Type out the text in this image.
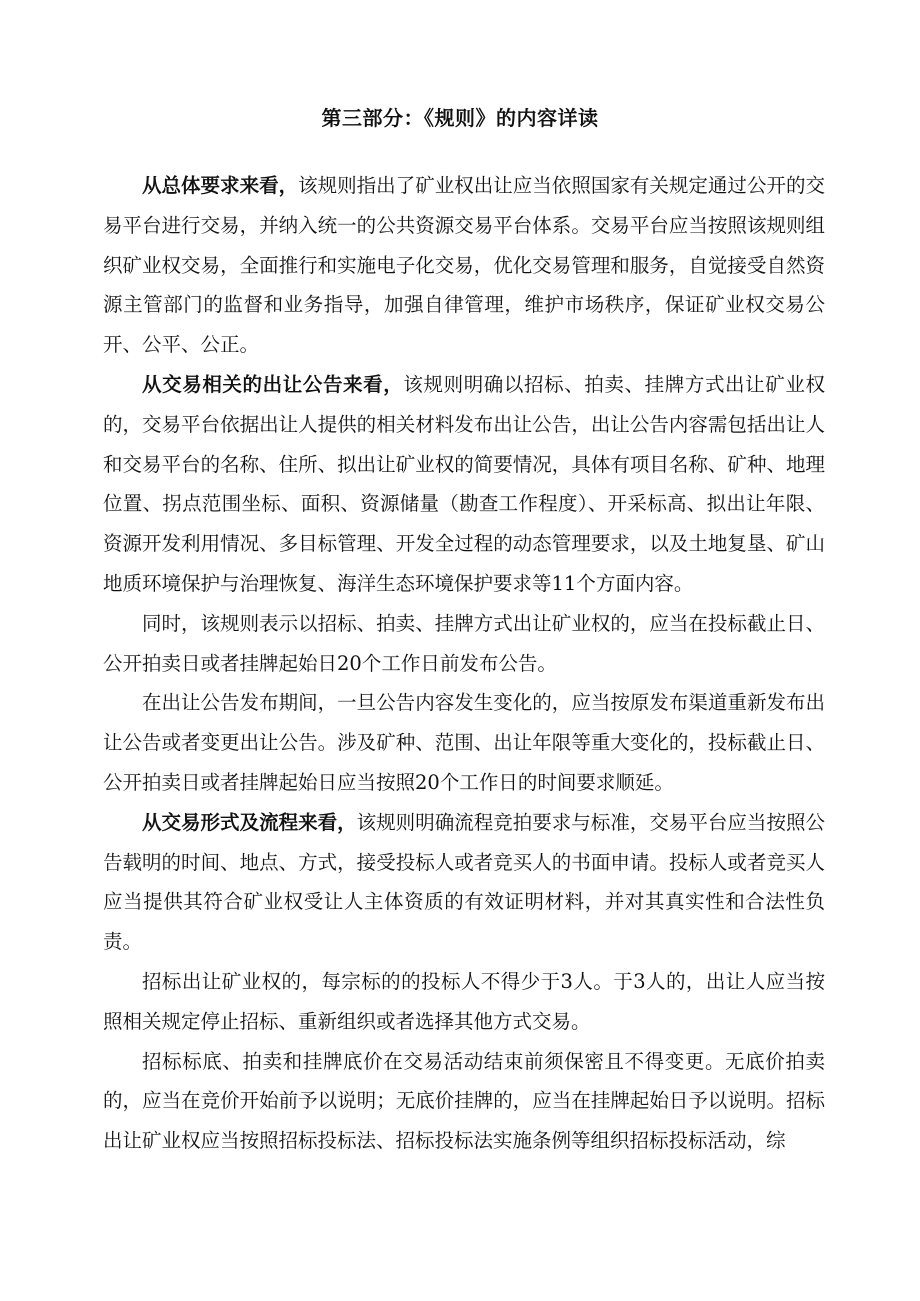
第三部分：《规则》的内容详读

从总体要求来看，该规则指出了矿业权出让应当依照国家有关规定通过公开的交易平台进行交易，并纳入统一的公共资源交易平台体系。交易平台应当按照该规则组织矿业权交易，全面推行和实施电子化交易，优化交易管理和服务，自觉接受自然资源主管部门的监督和业务指导，加强自律管理，维护市场秩序，保证矿业权交易公开、公平、公正。

从交易相关的出让公告来看，该规则明确以招标、拍卖、挂牌方式出让矿业权的，交易平台依据出让人提供的相关材料发布出让公告，出让公告内容需包括出让人和交易平台的名称、住所、拟出让矿业权的简要情况，具体有项目名称、矿种、地理位置、拐点范围坐标、面积、资源储量（勘查工作程度）、开采标高、拟出让年限、资源开发利用情况、多目标管理、开发全过程的动态管理要求，以及土地复垦、矿山地质环境保护与治理恢复、海洋生态环境保护要求等11个方面内容。

同时，该规则表示以招标、拍卖、挂牌方式出让矿业权的，应当在投标截止日、公开拍卖日或者挂牌起始日20个工作日前发布公告。

在出让公告发布期间，一旦公告内容发生变化的，应当按原发布渠道重新发布出让公告或者变更出让公告。涉及矿种、范围、出让年限等重大变化的，投标截止日、公开拍卖日或者挂牌起始日应当按照20个工作日的时间要求顺延。

从交易形式及流程来看，该规则明确流程竞拍要求与标准，交易平台应当按照公告载明的时间、地点、方式，接受投标人或者竞买人的书面申请。投标人或者竞买人应当提供其符合矿业权受让人主体资质的有效证明材料，并对其真实性和合法性负责。

招标出让矿业权的，每宗标的的投标人不得少于3人。于3人的，出让人应当按照相关规定停止招标、重新组织或者选择其他方式交易。

招标标底、拍卖和挂牌底价在交易活动结束前须保密且不得变更。无底价拍卖的，应当在竞价开始前予以说明；无底价挂牌的，应当在挂牌起始日予以说明。招标出让矿业权应当按照招标投标法、招标投标法实施条例等组织招标投标活动，综
